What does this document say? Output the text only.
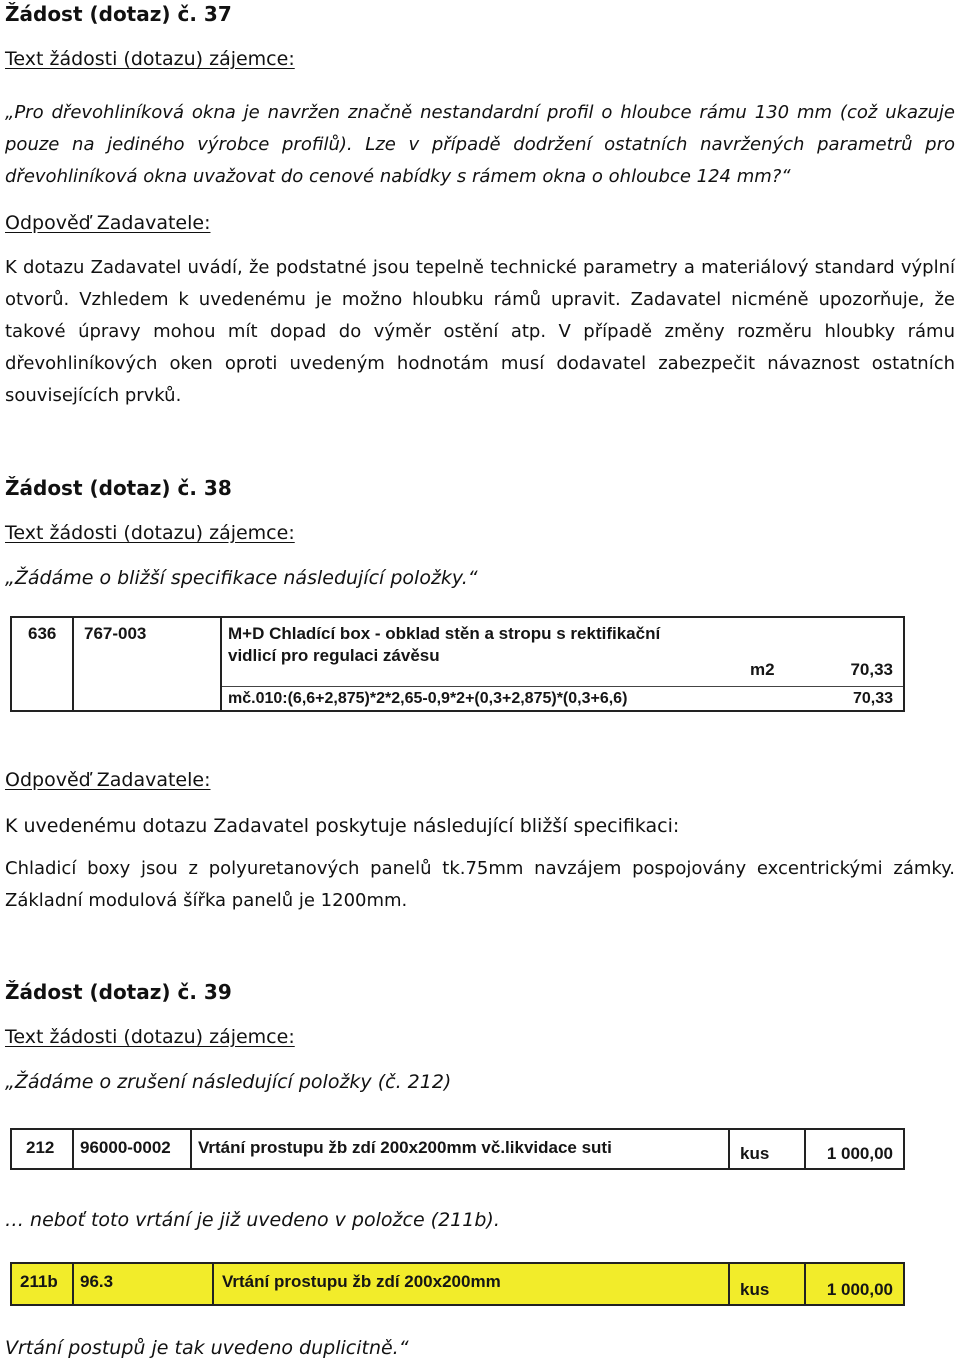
Žádost (dotaz) č. 37
Text žádosti (dotazu) zájemce:

„Pro dřevohliníková okna je navržen značně nestandardní profil o hloubce rámu 130 mm (což ukazuje pouze na jediného výrobce profilů). Lze v případě dodržení ostatních navržených parametrů pro dřevohliníková okna uvažovat do cenové nabídky s rámem okna o ohloubce 124 mm?“

Odpověď Zadavatele:

K dotazu Zadavatel uvádí, že podstatné jsou tepelně technické parametry a materiálový standard výplní otvorů. Vzhledem k uvedenému je možno hloubku rámů upravit. Zadavatel nicméně upozorňuje, že takové úpravy mohou mít dopad do výměr ostění atp. V případě změny rozměru hloubky rámu dřevohliníkových oken oproti uvedeným hodnotám musí dodavatel zabezpečit návaznost ostatních souvisejících prvků.

Žádost (dotaz) č. 38
Text žádosti (dotazu) zájemce:
„Žádáme o bližší specifikace následující položky.“
636 767-003	M+D Chladící box - obklad stěn a stropu s rektifikační
vidlicí pro regulaci závěsu
m2	70,33
mč.010:(6,6+2,875)*2*2,65-0,9*2+(0,3+2,875)*(0,3+6,6)	70,33
Odpověď Zadavatele:
K uvedenému dotazu Zadavatel poskytuje následující bližší specifikaci:

Chladicí boxy jsou z polyuretanových panelů tk.75mm navzájem pospojovány excentrickými zámky. Základní modulová šířka panelů je 1200mm.

Žádost (dotaz) č. 39
Text žádosti (dotazu) zájemce:
„Žádáme o zrušení následující položky (č. 212)
212 96000-0002 Vrtání prostupu žb zdí 200x200mm vč.likvidace suti	kus	1 000,00
… neboť toto vrtání je již uvedeno v položce (211b).
211b 96.3	Vrtání prostupu žb zdí 200x200mm	kus	1 000,00
Vrtání postupů je tak uvedeno duplicitně.“
